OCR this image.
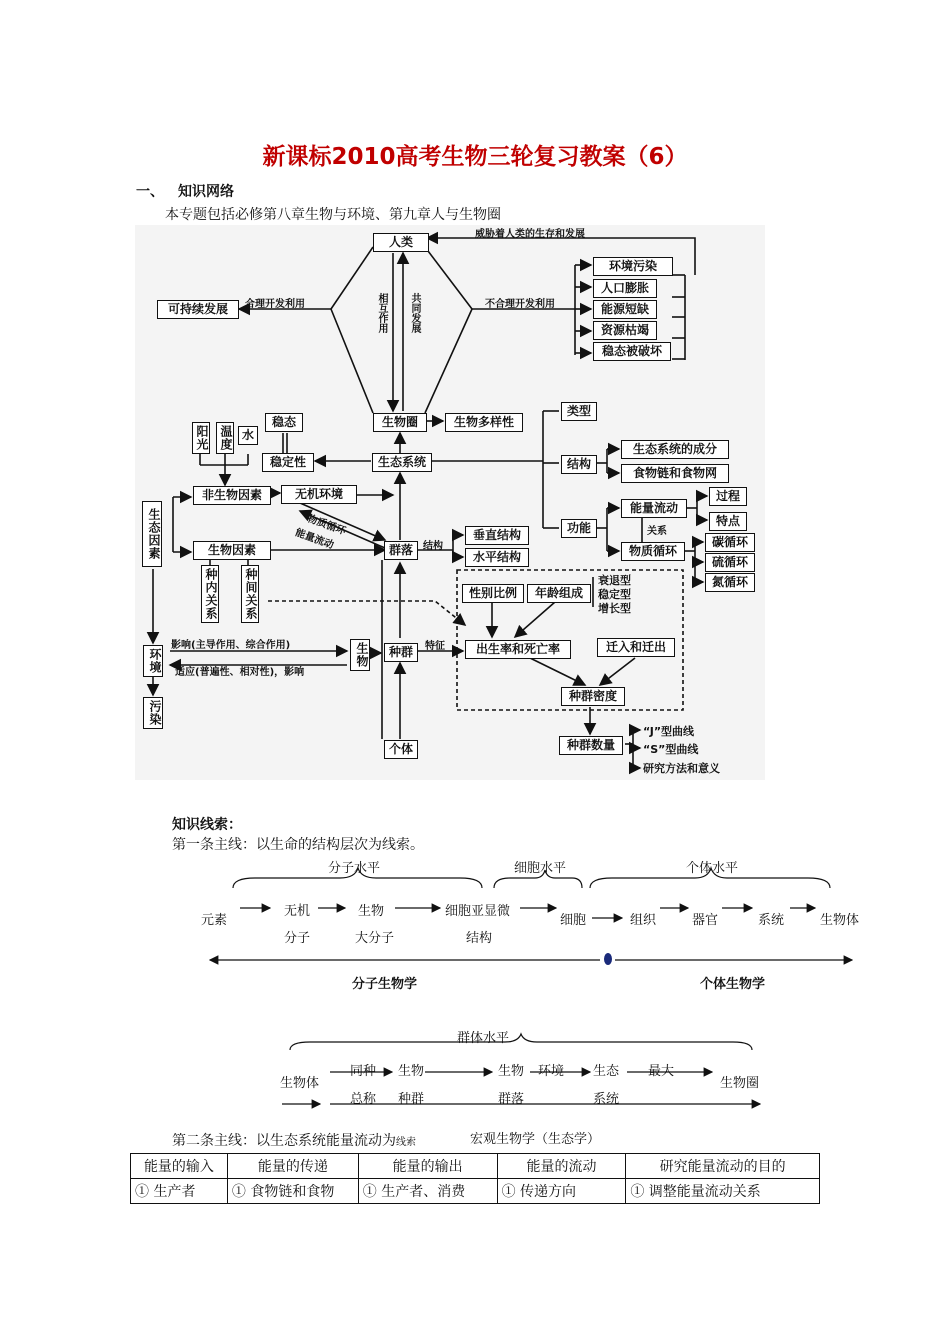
新课标2010高考生物三轮复习教案（6）
一、 知识网络
本专题包括必修第八章生物与环境、第九章人与生物圈
人类
威胁着人类的生存和发展
不合理开发利用
合理开发利用
可持续发展
环境污染
人口膨胀
能源短缺
资源枯竭
稳态被破坏
相互作用 共同发展
生物圈	生物多样性
稳态
稳定性	生态系统
类型
结构
功能
生态系统的成分
食物链和食物网
能量流动
物质循环
关系
过程
特点
碳循环
硫循环
氮循环
阳光 温度 水
生态因素
非生物因素
生物因素
无机环境
物质循环
能量流动
种内关系 种间关系
群落	结构
垂直结构
水平结构
性别比例	年龄组成
衰退型
稳定型
增长型
特征	出生率和死亡率	迁入和迁出
种群密度
种群数量
“J”型曲线
“S”型曲线
研究方法和意义
环境
污染
影响(主导作用、综合作用)
适应(普遍性、相对性)，影响
生物	种群
个体
知识线索：
第一条主线：以生命的结构层次为线索。
分子水平	细胞水平	个体水平
元素
无机
分子
生物
大分子
细胞亚显微
结构
细胞	组织	器官	系统	生物体
分子生物学	个体生物学
群体水平
生物体
同种
总称
生物
种群
生物
群落
环境 生态
系统
最大
生物圈
第二条主线：以生态系统能量流动为线索	宏观生物学（生态学）
能量的输入	能量的传递	能量的输出	能量的流动	研究能量流动的目的
① 生产者	① 食物链和食物	① 生产者、消费	① 传递方向	① 调整能量流动关系
